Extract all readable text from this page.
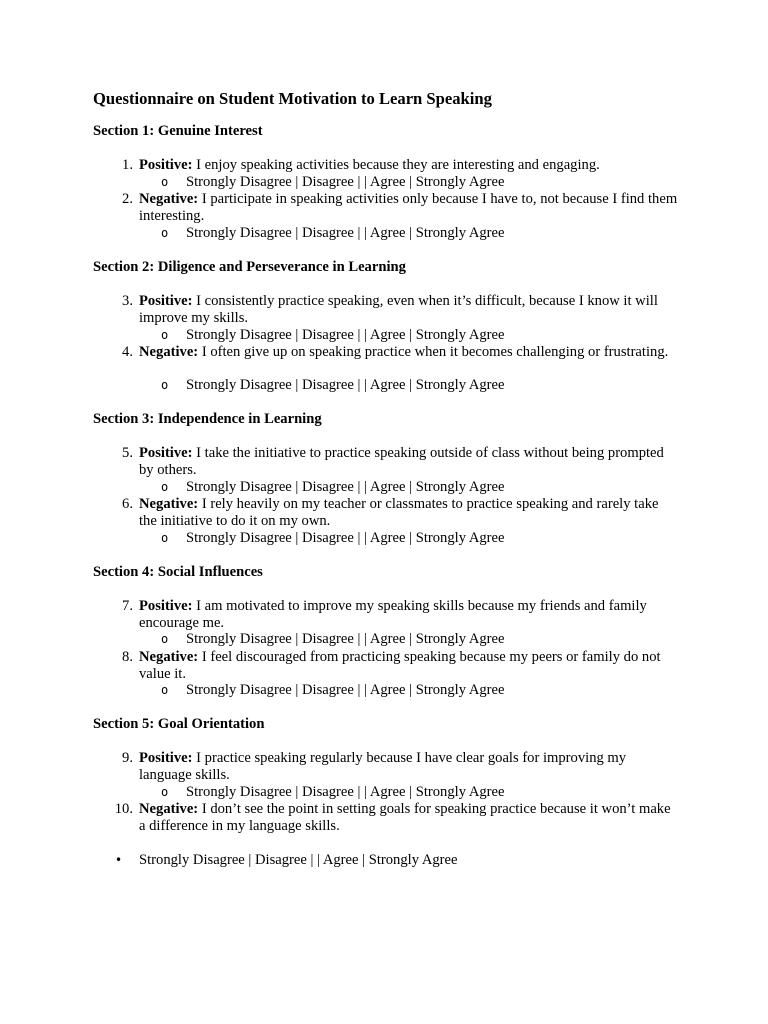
Questionnaire on Student Motivation to Learn Speaking
Section 1: Genuine Interest
1. Positive: I enjoy speaking activities because they are interesting and engaging.
o Strongly Disagree | Disagree | | Agree | Strongly Agree
2. Negative: I participate in speaking activities only because I have to, not because I find them interesting.
o Strongly Disagree | Disagree | | Agree | Strongly Agree
Section 2: Diligence and Perseverance in Learning
3. Positive: I consistently practice speaking, even when it’s difficult, because I know it will improve my skills.
o Strongly Disagree | Disagree | | Agree | Strongly Agree
4. Negative: I often give up on speaking practice when it becomes challenging or frustrating.
o Strongly Disagree | Disagree | | Agree | Strongly Agree
Section 3: Independence in Learning
5. Positive: I take the initiative to practice speaking outside of class without being prompted by others.
o Strongly Disagree | Disagree | | Agree | Strongly Agree
6. Negative: I rely heavily on my teacher or classmates to practice speaking and rarely take the initiative to do it on my own.
o Strongly Disagree | Disagree | | Agree | Strongly Agree
Section 4: Social Influences
7. Positive: I am motivated to improve my speaking skills because my friends and family encourage me.
o Strongly Disagree | Disagree | | Agree | Strongly Agree
8. Negative: I feel discouraged from practicing speaking because my peers or family do not value it.
o Strongly Disagree | Disagree | | Agree | Strongly Agree
Section 5: Goal Orientation
9. Positive: I practice speaking regularly because I have clear goals for improving my language skills.
o Strongly Disagree | Disagree | | Agree | Strongly Agree
10. Negative: I don’t see the point in setting goals for speaking practice because it won’t make a difference in my language skills.
• Strongly Disagree | Disagree | | Agree | Strongly Agree
